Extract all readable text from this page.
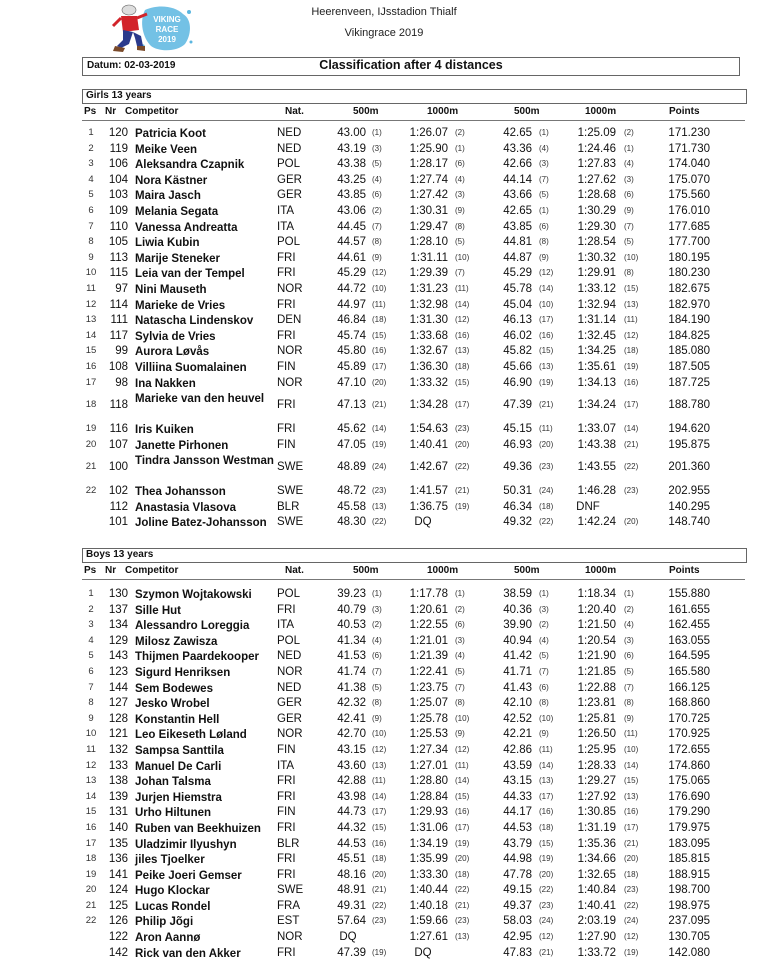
VIKING
RACE
2019
Heerenveen, IJsstadion Thialf
Vikingrace 2019
Datum: 02-03-2019	Classification after 4 distances
Girls 13 years
Ps Nr Competitor	Nat.	500m	1000m	500m	1000m	Points
1	120 Patricia Koot	NED	43.00 (1)	1:26.07 (2)	42.65 (1)	1:25.09 (2)	171.230
2	119 Meike Veen	NED	43.19 (3)	1:25.90 (1)	43.36 (4)	1:24.46 (1)	171.730
3	106 Aleksandra Czapnik	POL	43.38 (5)	1:28.17 (6)	42.66 (3)	1:27.83 (4)	174.040
4	104 Nora Kästner	GER	43.25 (4)	1:27.74 (4)	44.14 (7)	1:27.62 (3)	175.070
5	103 Maira Jasch	GER	43.85 (6)	1:27.42 (3)	43.66 (5)	1:28.68 (6)	175.560
6	109 Melania Segata	ITA	43.06 (2)	1:30.31 (9)	42.65 (1)	1:30.29 (9)	176.010
7	110 Vanessa Andreatta	ITA	44.45 (7)	1:29.47 (8)	43.85 (6)	1:29.30 (7)	177.685
8	105 Liwia Kubin	POL	44.57 (8)	1:28.10 (5)	44.81 (8)	1:28.54 (5)	177.700
9	113 Marije Steneker	FRI	44.61 (9)	1:31.11 (10)	44.87 (9)	1:30.32 (10)	180.195
10	115 Leia van der Tempel	FRI	45.29 (12)	1:29.39 (7)	45.29 (12)	1:29.91 (8)	180.230
11	97 Nini Mauseth	NOR	44.72 (10)	1:31.23 (11)	45.78 (14)	1:33.12 (15)	182.675
12	114 Marieke de Vries	FRI	44.97 (11)	1:32.98 (14)	45.04 (10)	1:32.94 (13)	182.970
13	111 Natascha Lindenskov	DEN	46.84 (18)	1:31.30 (12)	46.13 (17)	1:31.14 (11)	184.190
14	117 Sylvia de Vries	FRI	45.74 (15)	1:33.68 (16)	46.02 (16)	1:32.45 (12)	184.825
15	99 Aurora Løvås	NOR	45.80 (16)	1:32.67 (13)	45.82 (15)	1:34.25 (18)	185.080
16	108 Villiina Suomalainen	FIN	45.89 (17)	1:36.30 (18)	45.66 (13)	1:35.61 (19)	187.505
17	98 Ina Nakken	NOR	47.10 (20)	1:33.32 (15)	46.90 (19)	1:34.13 (16)	187.725
18	118 Marieke van den heuvel	FRI	47.13 (21)	1:34.28 (17)	47.39 (21)	1:34.24 (17)	188.780
19	116 Iris Kuiken	FRI	45.62 (14)	1:54.63 (23)	45.15 (11)	1:33.07 (14)	194.620
20	107 Janette Pirhonen	FIN	47.05 (19)	1:40.41 (20)	46.93 (20)	1:43.38 (21)	195.875
21	100 Tindra Jansson Westman SWE	48.89 (24)	1:42.67 (22)	49.36 (23)	1:43.55 (22)	201.360
22	102 Thea Johansson	SWE	48.72 (23)	1:41.57 (21)	50.31 (24)	1:46.28 (23)	202.955
112 Anastasia Vlasova	BLR	45.58 (13)	1:36.75 (19)	46.34 (18)	DNF	140.295
101 Joline Batez-Johansson SWE	48.30 (22)	DQ	49.32 (22)	1:42.24 (20)	148.740
Boys 13 years
Ps Nr Competitor	Nat.	500m	1000m	500m	1000m	Points
1	130 Szymon Wojtakowski	POL	39.23 (1)	1:17.78 (1)	38.59 (1)	1:18.34 (1)	155.880
2	137 Sille Hut	FRI	40.79 (3)	1:20.61 (2)	40.36 (3)	1:20.40 (2)	161.655
3	134 Alessandro Loreggia	ITA	40.53 (2)	1:22.55 (6)	39.90 (2)	1:21.50 (4)	162.455
4	129 Milosz Zawisza	POL	41.34 (4)	1:21.01 (3)	40.94 (4)	1:20.54 (3)	163.055
5	143 Thijmen Paardekooper	NED	41.53 (6)	1:21.39 (4)	41.42 (5)	1:21.90 (6)	164.595
6	123 Sigurd Henriksen	NOR	41.74 (7)	1:22.41 (5)	41.71 (7)	1:21.85 (5)	165.580
7	144 Sem Bodewes	NED	41.38 (5)	1:23.75 (7)	41.43 (6)	1:22.88 (7)	166.125
8	127 Jesko Wrobel	GER	42.32 (8)	1:25.07 (8)	42.10 (8)	1:23.81 (8)	168.860
9	128 Konstantin Hell	GER	42.41 (9)	1:25.78 (10)	42.52 (10)	1:25.81 (9)	170.725
10	121 Leo Eikeseth Løland	NOR	42.70 (10)	1:25.53 (9)	42.21 (9)	1:26.50 (11)	170.925
11	132 Sampsa Santtila	FIN	43.15 (12)	1:27.34 (12)	42.86 (11)	1:25.95 (10)	172.655
12	133 Manuel De Carli	ITA	43.60 (13)	1:27.01 (11)	43.59 (14)	1:28.33 (14)	174.860
13	138 Johan Talsma	FRI	42.88 (11)	1:28.80 (14)	43.15 (13)	1:29.27 (15)	175.065
14	139 Jurjen Hiemstra	FRI	43.98 (14)	1:28.84 (15)	44.33 (17)	1:27.92 (13)	176.690
15	131 Urho Hiltunen	FIN	44.73 (17)	1:29.93 (16)	44.17 (16)	1:30.85 (16)	179.290
16	140 Ruben van Beekhuizen	FRI	44.32 (15)	1:31.06 (17)	44.53 (18)	1:31.19 (17)	179.975
17	135 Uladzimir Ilyushyn	BLR	44.53 (16)	1:34.19 (19)	43.79 (15)	1:35.36 (21)	183.095
18	136 jiles Tjoelker	FRI	45.51 (18)	1:35.99 (20)	44.98 (19)	1:34.66 (20)	185.815
19	141 Peike Joeri Gemser	FRI	48.16 (20)	1:33.30 (18)	47.78 (20)	1:32.65 (18)	188.915
20	124 Hugo Klockar	SWE	48.91 (21)	1:40.44 (22)	49.15 (22)	1:40.84 (23)	198.700
21	125 Lucas Rondel	FRA	49.31 (22)	1:40.18 (21)	49.37 (23)	1:40.41 (22)	198.975
22	126 Philip Jõgi	EST	57.64 (23)	1:59.66 (23)	58.03 (24)	2:03.19 (24)	237.095
122 Aron Aannø	NOR	DQ	1:27.61 (13)	42.95 (12)	1:27.90 (12)	130.705
142 Rick van den Akker	FRI	47.39 (19)	DQ	47.83 (21)	1:33.72 (19)	142.080
